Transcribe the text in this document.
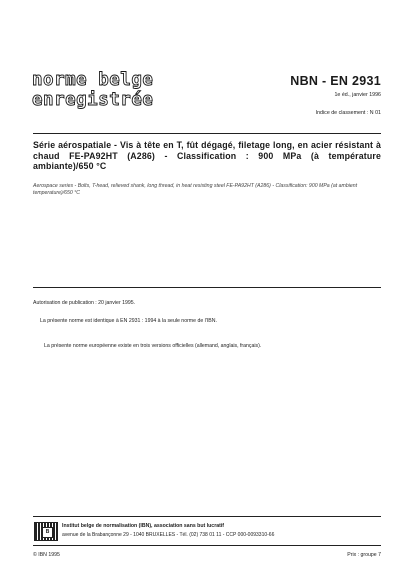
norme belge
enregistrée
NBN - EN 2931
1e éd., janvier 1996
Indice de classement : N 01
Série aérospatiale - Vis à tête en T, fût dégagé, filetage long, en acier résistant à chaud FE-PA92HT (A286) - Classification : 900 MPa (à température ambiante)/650 °C
Aerospace series - Bolts, T-head, relieved shank, long thread, in heat resisting steel FE-PA92HT (A286) - Classification: 900 MPa (at ambient temperature)/650 °C
Autorisation de publication : 20 janvier 1995.
La présente norme est identique à EN 2931 : 1994 à la seule norme de l'IBN.
La présente norme européenne existe en trois versions officielles (allemand, anglais, français).
B
Institut belge de normalisation (IBN), association sans but lucratif
avenue de la Brabançonne 29 - 1040 BRUXELLES - Tél. (02) 738 01 11 - CCP 000-0093310-66
© IBN 1995	Prix : groupe 7
